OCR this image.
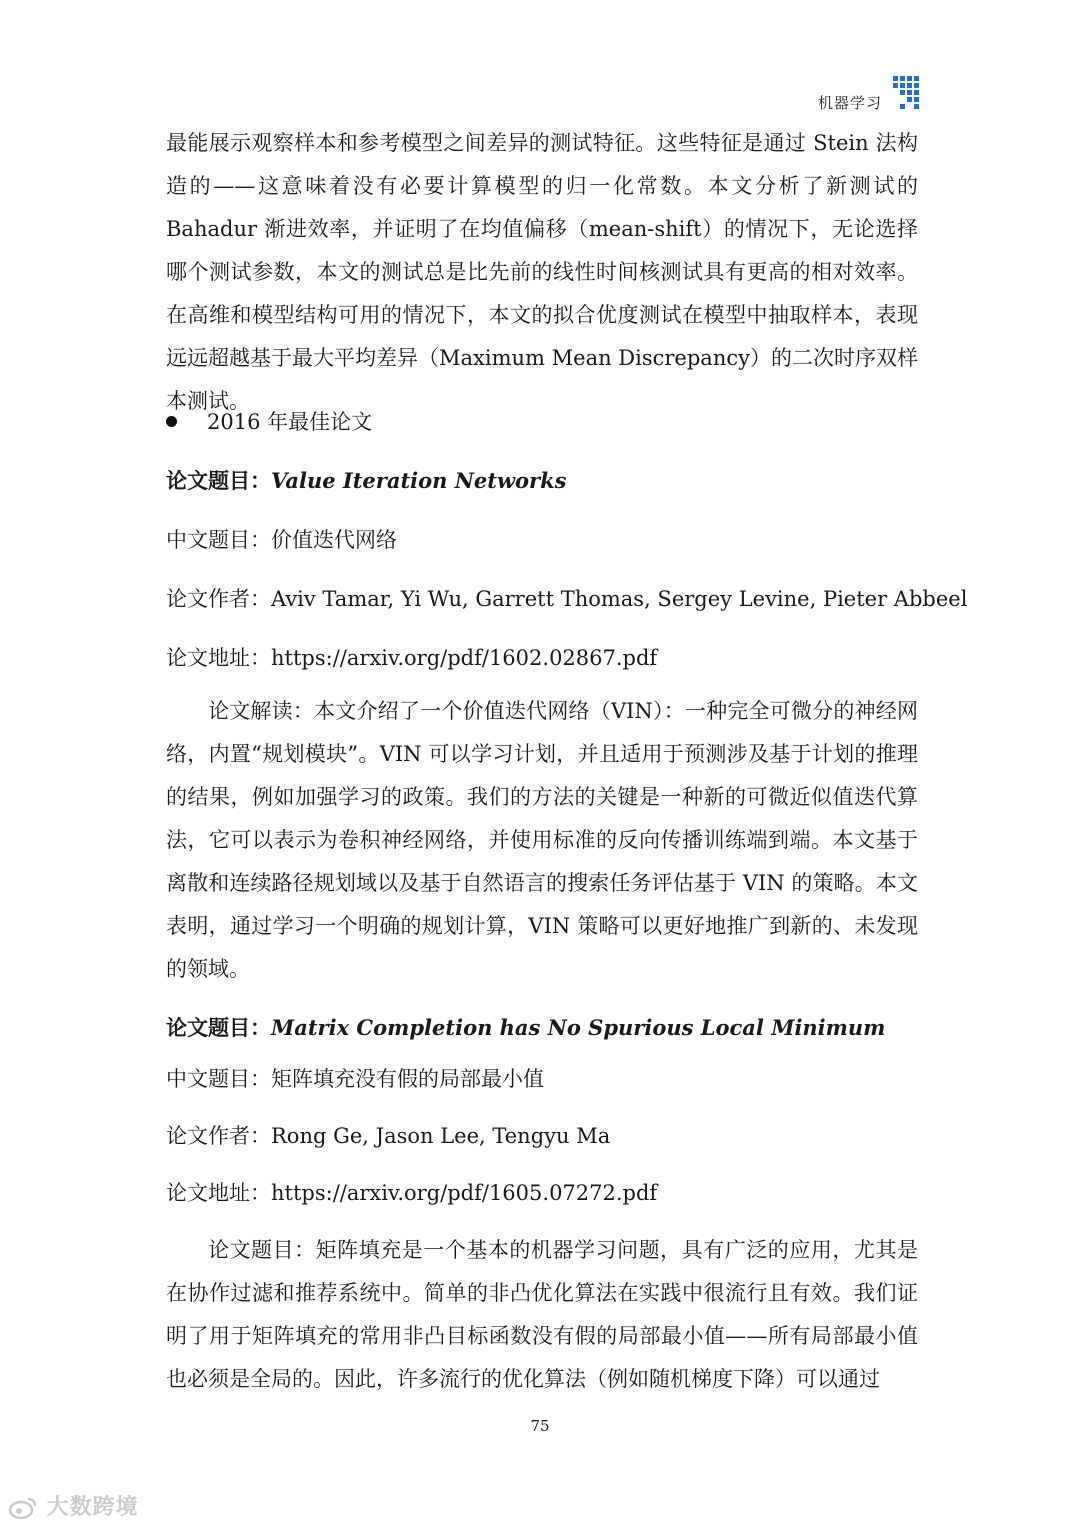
机器学习
最能展示观察样本和参考模型之间差异的测试特征。这些特征是通过 Stein 法构造的——这意味着没有必要计算模型的归一化常数。本文分析了新测试的 Bahadur 渐进效率，并证明了在均值偏移（mean-shift）的情况下，无论选择哪个测试参数，本文的测试总是比先前的线性时间核测试具有更高的相对效率。在高维和模型结构可用的情况下，本文的拟合优度测试在模型中抽取样本，表现远远超越基于最大平均差异（Maximum Mean Discrepancy）的二次时序双样本测试。
2016 年最佳论文
论文题目：Value Iteration Networks
中文题目：价值迭代网络
论文作者：Aviv Tamar, Yi Wu, Garrett Thomas, Sergey Levine, Pieter Abbeel
论文地址：https://arxiv.org/pdf/1602.02867.pdf
论文解读：本文介绍了一个价值迭代网络（VIN）：一种完全可微分的神经网络，内置“规划模块”。VIN 可以学习计划，并且适用于预测涉及基于计划的推理的结果，例如加强学习的政策。我们的方法的关键是一种新的可微近似值迭代算法，它可以表示为卷积神经网络，并使用标准的反向传播训练端到端。本文基于离散和连续路径规划域以及基于自然语言的搜索任务评估基于 VIN 的策略。本文表明，通过学习一个明确的规划计算，VIN 策略可以更好地推广到新的、未发现的领域。
论文题目：Matrix Completion has No Spurious Local Minimum
中文题目：矩阵填充没有假的局部最小值
论文作者：Rong Ge, Jason Lee, Tengyu Ma
论文地址：https://arxiv.org/pdf/1605.07272.pdf
论文题目：矩阵填充是一个基本的机器学习问题，具有广泛的应用，尤其是在协作过滤和推荐系统中。简单的非凸优化算法在实践中很流行且有效。我们证明了用于矩阵填充的常用非凸目标函数没有假的局部最小值——所有局部最小值也必须是全局的。因此，许多流行的优化算法（例如随机梯度下降）可以通过
75
大数跨境
